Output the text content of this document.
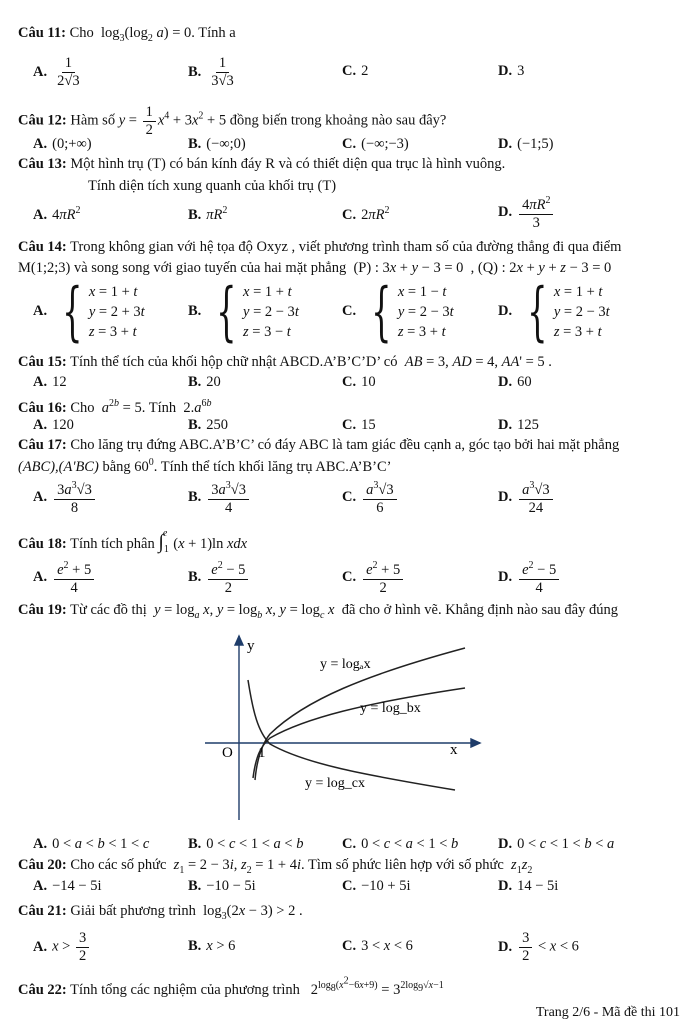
Câu 11: Cho  $\log_3(\log_2$ a) = 0. Tính a
A. $\frac{1}{2√3}$	B. $\frac{1}{3√3}$	C. 2	D. 3
Câu 12: Hàm số $y = \frac{1}{2} x^4 + 3x^2 + 5$ đồng biến trong khoảng nào sau đây?
A. (0;+∞)	B. (−∞;0)	C. (−∞;−3)	D. (−1;5)
Câu 13: Một hình trụ (T) có bán kính đáy R và có thiết diện qua trục là hình vuông.
Tính diện tích xung quanh của khối trụ (T)
A. $4\pi R^2$	B. $\pi R^2$	C. $2\pi R^2$	D. $\frac{4\pi R^2}{3}$
Câu 14: Trong không gian với hệ tọa độ Oxyz , viết phương trình tham số của đường thẳng đi qua điểm
M(1;2;3) và song song với giao tuyến của hai mặt phẳng  (P) : 3x + y − 3 = 0  , (Q) : 2x + y + z − 3 = 0
A. { x = 1 + t
y = 2 + 3t
z = 3 + t
B. { x = 1 + t
y = 2 − 3t
z = 3 − t
C. { x = 1 − t
y = 2 − 3t
z = 3 + t
D. { x = 1 + t
y = 2 − 3t
z = 3 + t
Câu 15: Tính thể tích của khối hộp chữ nhật ABCD.A’B’C’D’ có AB = 3, AD = 4, AA' = 5 .
A. 12	B. 20	C. 10	D. 60
Câu 16: Cho $a^{2b} = 5$. Tính  $2.a^{6b}$
A. 120	B. 250	C. 15	D. 125
Câu 17: Cho lăng trụ đứng ABC.A’B’C’ có đáy ABC là tam giác đều cạnh a, góc tạo bởi hai mặt phẳng
(ABC),(A'BC) bằng $60^0$. Tính thể tích khối lăng trụ ABC.A’B’C’
A. $\frac{3a^3√3}{8}$	B. $\frac{3a^3√3}{4}$	C. $\frac{a^3√3}{6}$	D. $\frac{a^3√3}{24}$
Câu 18: Tính tích phân $\int_1^e(x + 1)\ln$ xdx
A. $\frac{e^2 + 5}{4}$	B. $\frac{e^2 - 5}{2}$	C. $\frac{e^2 + 5}{2}$	D. $\frac{e^2 - 5}{4}$
Câu 19: Từ các đồ thị $y = \log_a x$, $y = \log_b x$, $y = \log_c x$ đã cho ở hình vẽ. Khẳng định nào sau đây đúng
y
x
O 1
y = logₐx
y = log_bx
y = log_cx
A. 0 < a < b < 1 < c	B. 0 < c < 1 < a < b	C. 0 < c < a < 1 < b	D. 0 < c < 1 < b < a
Câu 20: Cho các số phức $z_1 = 2 - 3i$, $z_2 = 1 + 4i$. Tìm số phức liên hợp với số phức $z_1z_2$
A. −14 − 5i	B. −10 − 5i	C. −10 + 5i	D. 14 − 5i
Câu 21: Giải bất phương trình  $\log_3(2x - 3) > 2$ .
A. $x > \frac{3}{2}$	B. x > 6	C. 3 < x < 6	D. $\frac{3}{2} < x < 6$
Câu 22: Tính tổng các nghiệm của phương trình   $2^{log_8(x^2-6x+9)} = 3^{2log_9√x-1}$
Trang 2/6 - Mã đề thi 101
